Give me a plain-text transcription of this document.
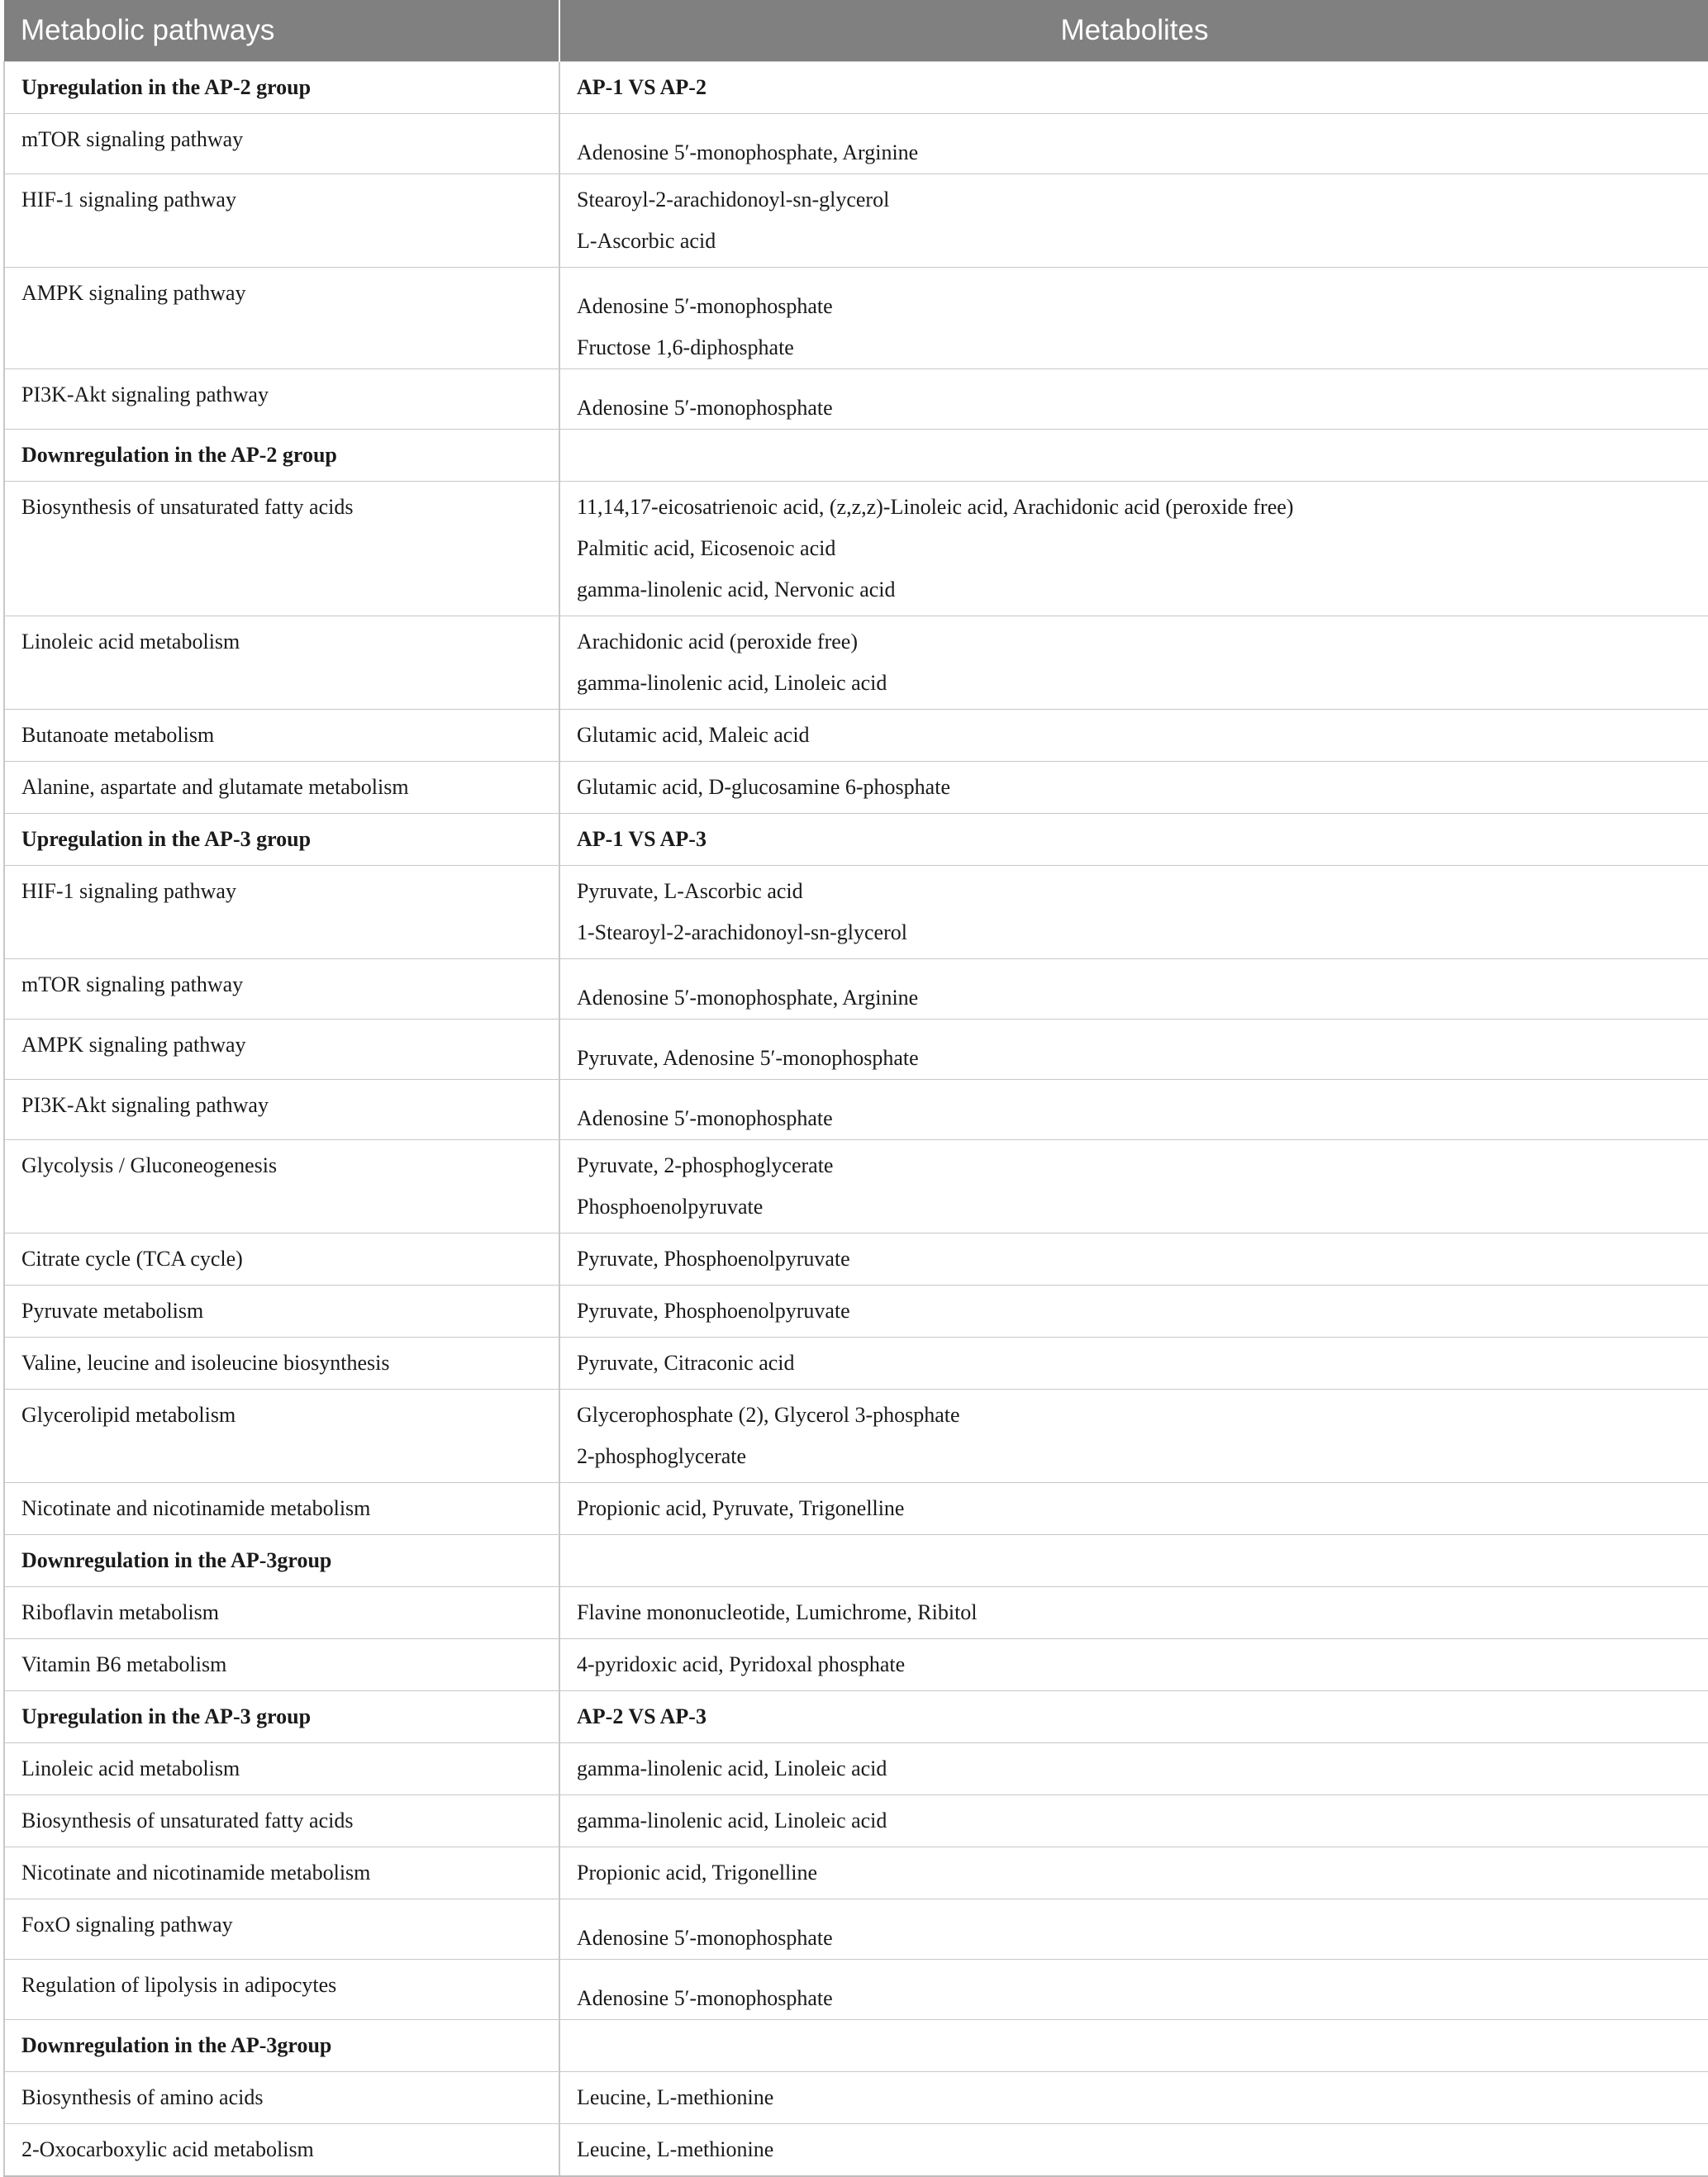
Metabolic pathways	Metabolites
Upregulation in the AP-2 group	AP-1 VS AP-2

mTOR signaling pathway	Adenosine 5′-monophosphate, Arginine

HIF-1 signaling pathway	Stearoyl-2-arachidonoyl-sn-glycerol
L-Ascorbic acid

AMPK signaling pathway	Adenosine 5′-monophosphate
Fructose 1,6-diphosphate

PI3K-Akt signaling pathway	Adenosine 5′-monophosphate

Downregulation in the AP-2 group	
Biosynthesis of unsaturated fatty acids	11,14,17-eicosatrienoic acid, (z,z,z)-Linoleic acid, Arachidonic acid (peroxide free)
Palmitic acid, Eicosenoic acid
gamma-linolenic acid, Nervonic acid

Linoleic acid metabolism	Arachidonic acid (peroxide free)
gamma-linolenic acid, Linoleic acid

Butanoate metabolism	Glutamic acid, Maleic acid

Alanine, aspartate and glutamate metabolism	Glutamic acid, D-glucosamine 6-phosphate

Upregulation in the AP-3 group	AP-1 VS AP-3

HIF-1 signaling pathway	Pyruvate, L-Ascorbic acid
1-Stearoyl-2-arachidonoyl-sn-glycerol

mTOR signaling pathway	Adenosine 5′-monophosphate, Arginine

AMPK signaling pathway	Pyruvate, Adenosine 5′-monophosphate

PI3K-Akt signaling pathway	Adenosine 5′-monophosphate

Glycolysis / Gluconeogenesis	Pyruvate, 2-phosphoglycerate
Phosphoenolpyruvate

Citrate cycle (TCA cycle)	Pyruvate, Phosphoenolpyruvate

Pyruvate metabolism	Pyruvate, Phosphoenolpyruvate

Valine, leucine and isoleucine biosynthesis	Pyruvate, Citraconic acid

Glycerolipid metabolism	Glycerophosphate (2), Glycerol 3-phosphate
2-phosphoglycerate

Nicotinate and nicotinamide metabolism	Propionic acid, Pyruvate, Trigonelline

Downregulation in the AP-3group	
Riboflavin metabolism	Flavine mononucleotide, Lumichrome, Ribitol

Vitamin B6 metabolism	4-pyridoxic acid, Pyridoxal phosphate

Upregulation in the AP-3 group	AP-2 VS AP-3

Linoleic acid metabolism	gamma-linolenic acid, Linoleic acid

Biosynthesis of unsaturated fatty acids	gamma-linolenic acid, Linoleic acid

Nicotinate and nicotinamide metabolism	Propionic acid, Trigonelline

FoxO signaling pathway	Adenosine 5′-monophosphate

Regulation of lipolysis in adipocytes	Adenosine 5′-monophosphate

Downregulation in the AP-3group	
Biosynthesis of amino acids	Leucine, L-methionine

2-Oxocarboxylic acid metabolism	Leucine, L-methionine
